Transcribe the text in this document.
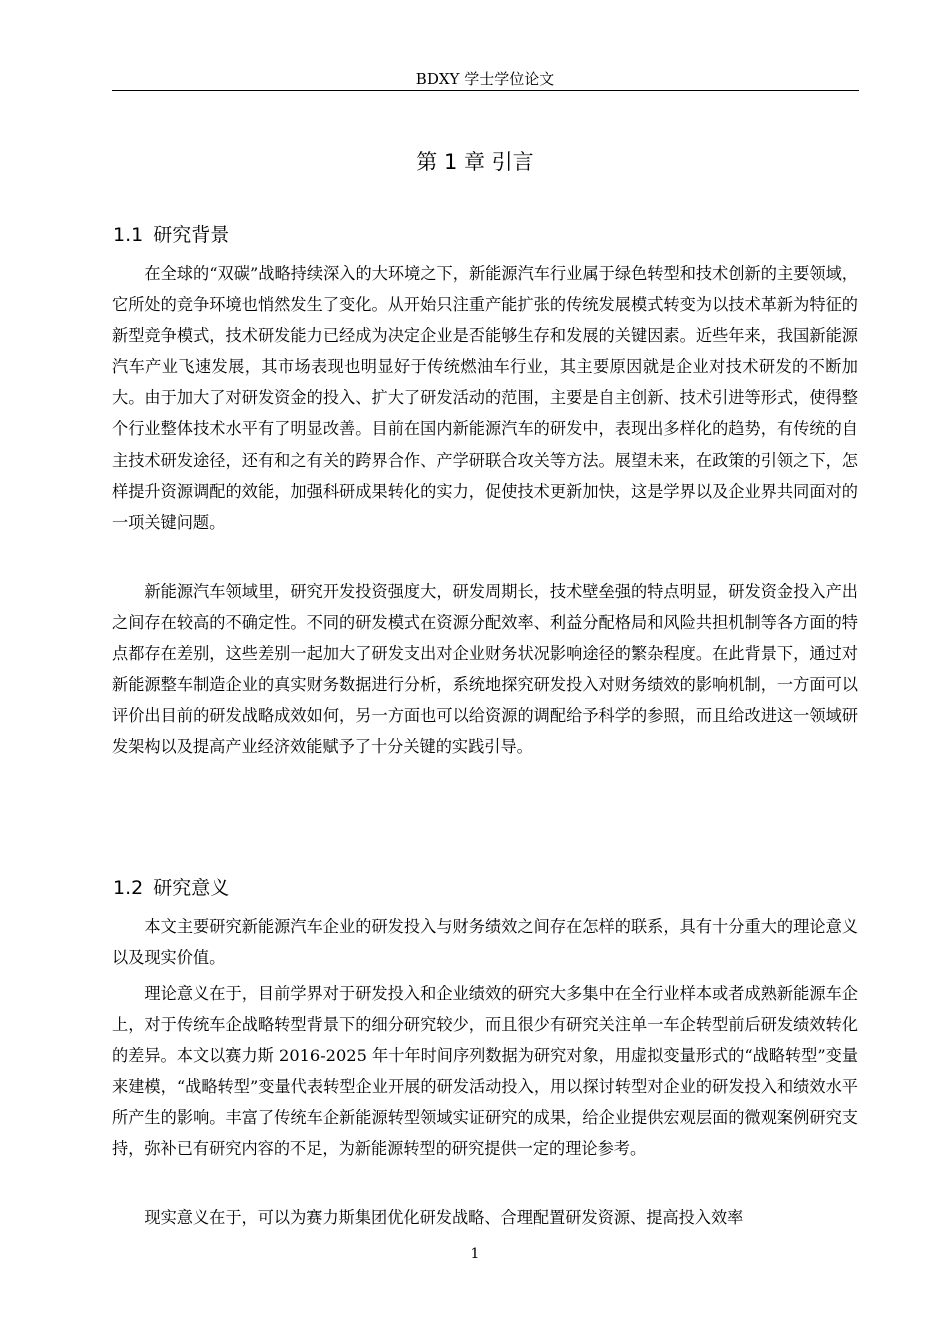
BDXY 学士学位论文
第 1 章 引言
1.1 研究背景

在全球的“双碳”战略持续深入的大环境之下，新能源汽车行业属于绿色转型和技术创新的主要领域，它所处的竞争环境也悄然发生了变化。从开始只注重产能扩张的传统发展模式转变为以技术革新为特征的新型竞争模式，技术研发能力已经成为决定企业是否能够生存和发展的关键因素。近些年来，我国新能源汽车产业飞速发展，其市场表现也明显好于传统燃油车行业，其主要原因就是企业对技术研发的不断加大。由于加大了对研发资金的投入、扩大了研发活动的范围，主要是自主创新、技术引进等形式，使得整个行业整体技术水平有了明显改善。目前在国内新能源汽车的研发中，表现出多样化的趋势，有传统的自主技术研发途径，还有和之有关的跨界合作、产学研联合攻关等方法。展望未来，在政策的引领之下，怎样提升资源调配的效能，加强科研成果转化的实力，促使技术更新加快，这是学界以及企业界共同面对的一项关键问题。

新能源汽车领域里，研究开发投资强度大，研发周期长，技术壁垒强的特点明显，研发资金投入产出之间存在较高的不确定性。不同的研发模式在资源分配效率、利益分配格局和风险共担机制等各方面的特点都存在差别，这些差别一起加大了研发支出对企业财务状况影响途径的繁杂程度。在此背景下，通过对新能源整车制造企业的真实财务数据进行分析，系统地探究研发投入对财务绩效的影响机制，一方面可以评价出目前的研发战略成效如何，另一方面也可以给资源的调配给予科学的参照，而且给改进这一领域研发架构以及提高产业经济效能赋予了十分关键的实践引导。

1.2 研究意义

本文主要研究新能源汽车企业的研发投入与财务绩效之间存在怎样的联系，具有十分重大的理论意义以及现实价值。

理论意义在于，目前学界对于研发投入和企业绩效的研究大多集中在全行业样本或者成熟新能源车企上，对于传统车企战略转型背景下的细分研究较少，而且很少有研究关注单一车企转型前后研发绩效转化的差异。本文以赛力斯 2016-2025 年十年时间序列数据为研究对象，用虚拟变量形式的“战略转型”变量来建模，“战略转型”变量代表转型企业开展的研发活动投入，用以探讨转型对企业的研发投入和绩效水平所产生的影响。丰富了传统车企新能源转型领域实证研究的成果，给企业提供宏观层面的微观案例研究支持，弥补已有研究内容的不足，为新能源转型的研究提供一定的理论参考。

现实意义在于，可以为赛力斯集团优化研发战略、合理配置研发资源、提高投入效率

1
